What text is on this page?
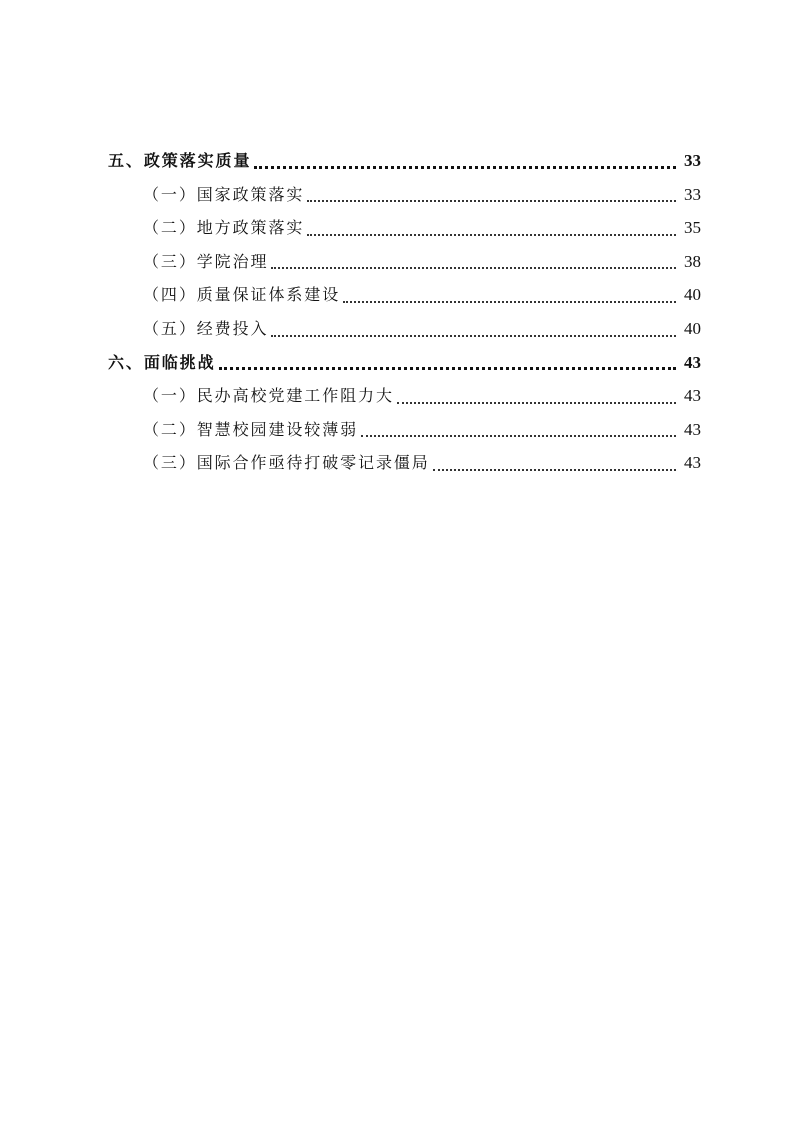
五、政策落实质量	33
（一）国家政策落实	33
（二）地方政策落实	35
（三）学院治理	38
（四）质量保证体系建设	40
（五）经费投入	40
六、面临挑战	43
（一）民办高校党建工作阻力大	43
（二）智慧校园建设较薄弱	43
（三）国际合作亟待打破零记录僵局	43
